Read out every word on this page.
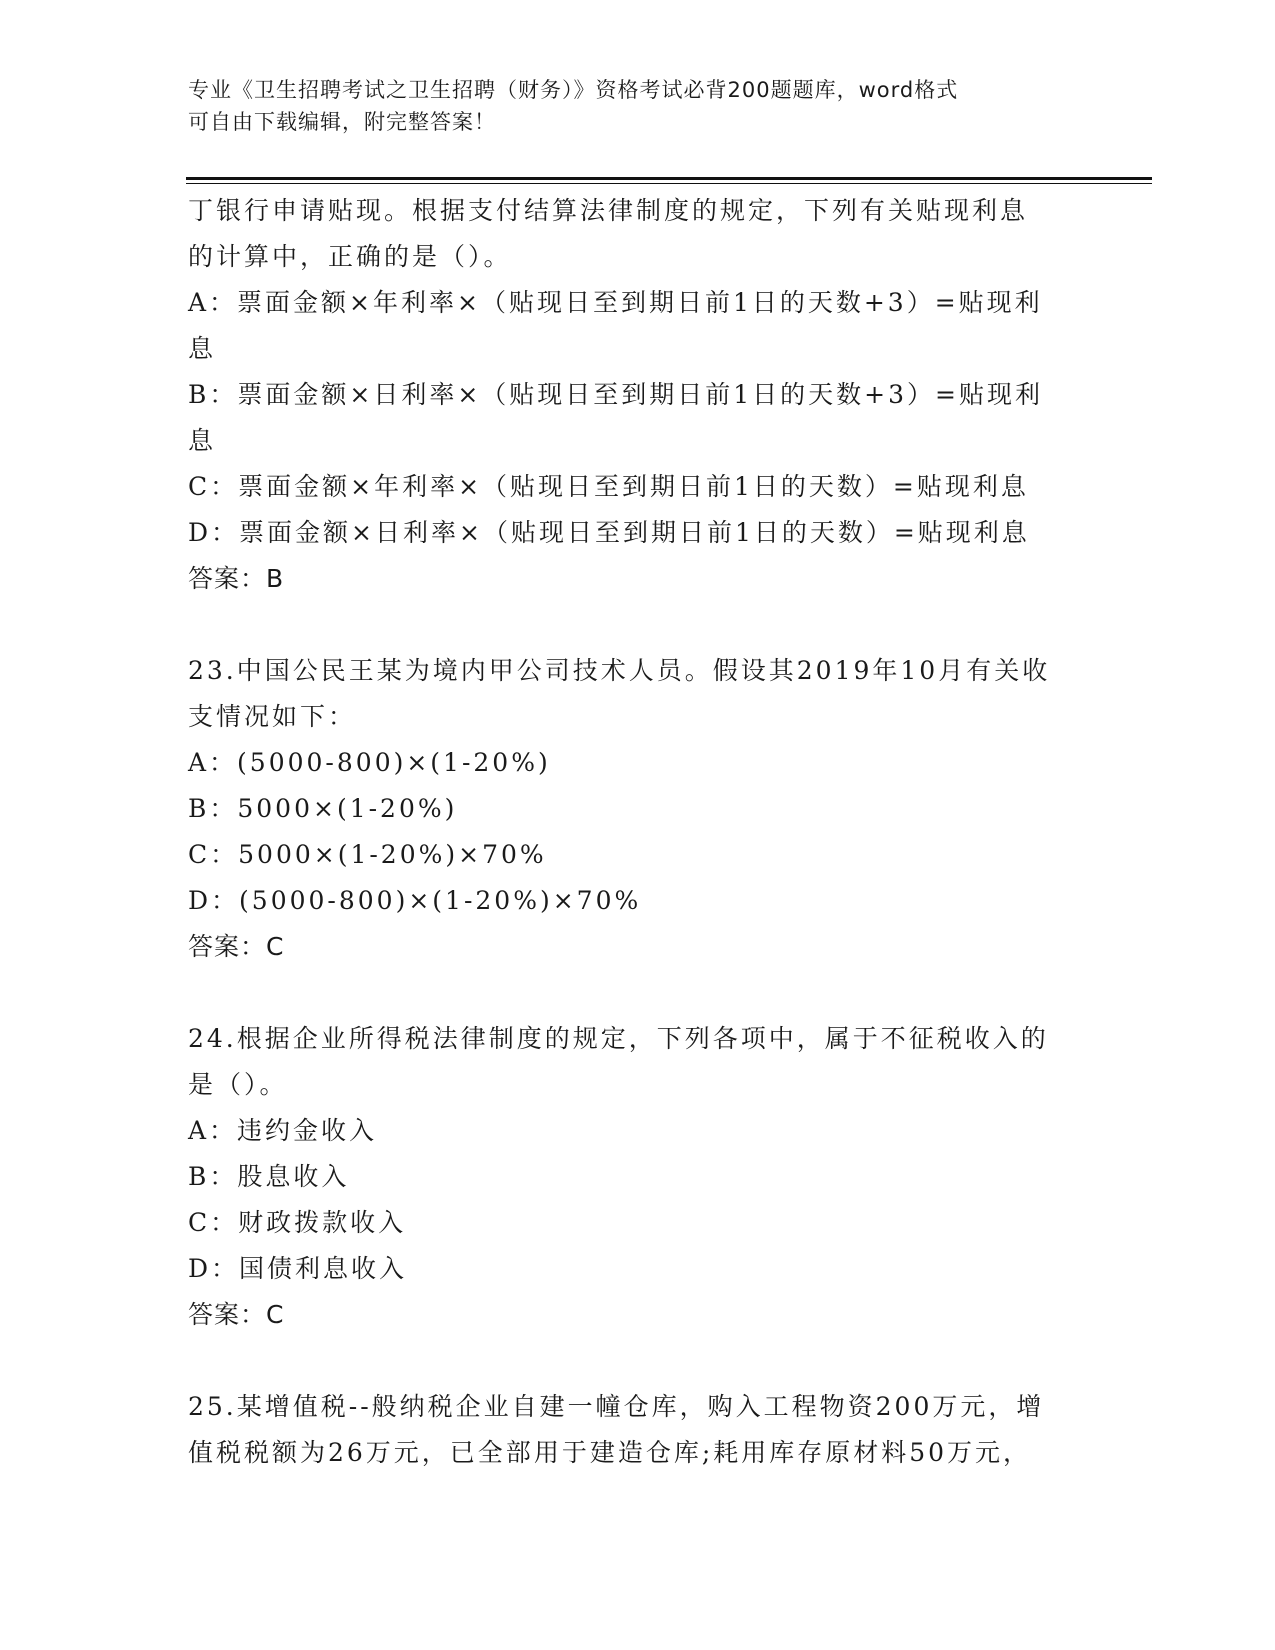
专业《卫生招聘考试之卫生招聘（财务）》资格考试必背200题题库，word格式
可自由下载编辑，附完整答案！
丁银行申请贴现。根据支付结算法律制度的规定，下列有关贴现利息
的计算中，正确的是（）。
A：票面金额×年利率×（贴现日至到期日前1日的天数+3）=贴现利
息
B：票面金额×日利率×（贴现日至到期日前1日的天数+3）=贴现利
息
C：票面金额×年利率×（贴现日至到期日前1日的天数）=贴现利息
D：票面金额×日利率×（贴现日至到期日前1日的天数）=贴现利息
答案：B
23.中国公民王某为境内甲公司技术人员。假设其2019年10月有关收
支情况如下：
A：(5000-800)×(1-20%)
B：5000×(1-20%)
C：5000×(1-20%)×70%
D：(5000-800)×(1-20%)×70%
答案：C
24.根据企业所得税法律制度的规定，下列各项中，属于不征税收入的
是（）。
A：违约金收入
B：股息收入
C：财政拨款收入
D：国债利息收入
答案：C
25.某增值税--般纳税企业自建一幢仓库，购入工程物资200万元，增
值税税额为26万元，已全部用于建造仓库;耗用库存原材料50万元，
